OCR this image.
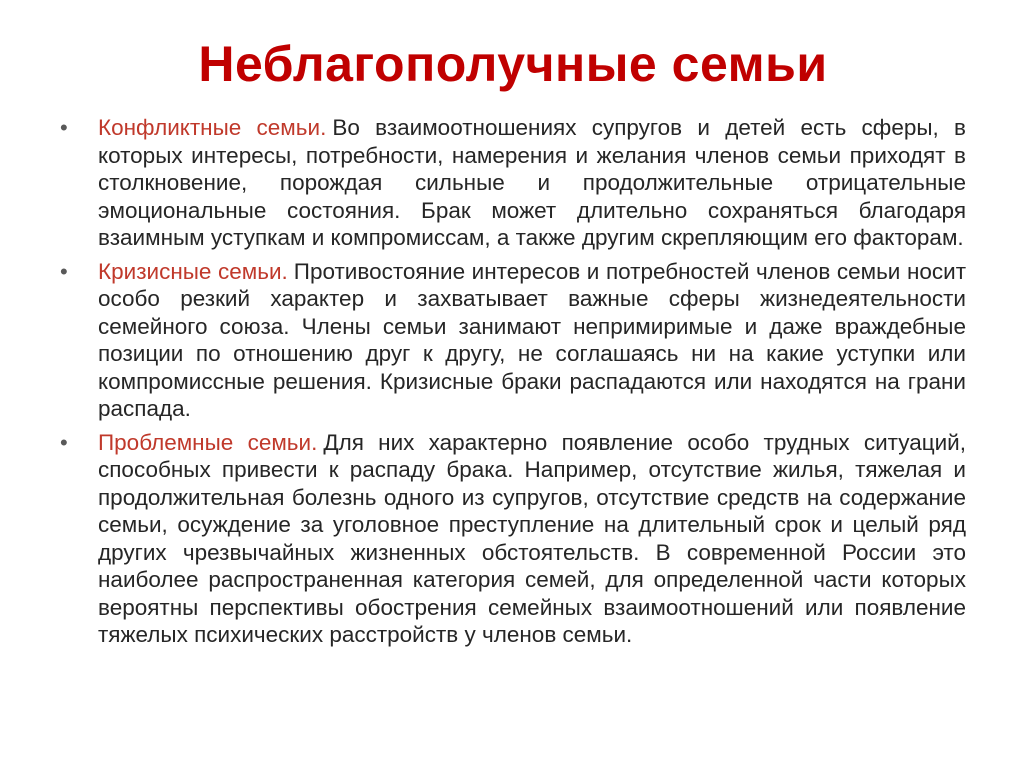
Неблагополучные семьи
•	Конфликтные семьи. Во взаимоотношениях супругов и детей есть сферы, в которых интересы, потребности, намерения и желания членов семьи приходят в столкновение, порождая сильные и продолжительные отрицательные эмоциональные состояния. Брак может длительно сохраняться благодаря взаимным уступкам и компромиссам, а также другим скрепляющим его факторам.
•	Кризисные семьи. Противостояние интересов и потребностей членов семьи носит особо резкий характер и захватывает важные сферы жизнедеятельности семейного союза. Члены семьи занимают непримиримые и даже враждебные позиции по отношению друг к другу, не соглашаясь ни на какие уступки или компромиссные решения. Кризисные браки распадаются или находятся на грани распада.
•	Проблемные семьи. Для них характерно появление особо трудных ситуаций, способных привести к распаду брака. Например, отсутствие жилья, тяжелая и продолжительная болезнь одного из супругов, отсутствие средств на содержание семьи, осуждение за уголовное преступление на длительный срок и целый ряд других чрезвычайных жизненных обстоятельств. В современной России это наиболее распространенная категория семей, для определенной части которых вероятны перспективы обострения семейных взаимоотношений или появление тяжелых психических расстройств у членов семьи.
